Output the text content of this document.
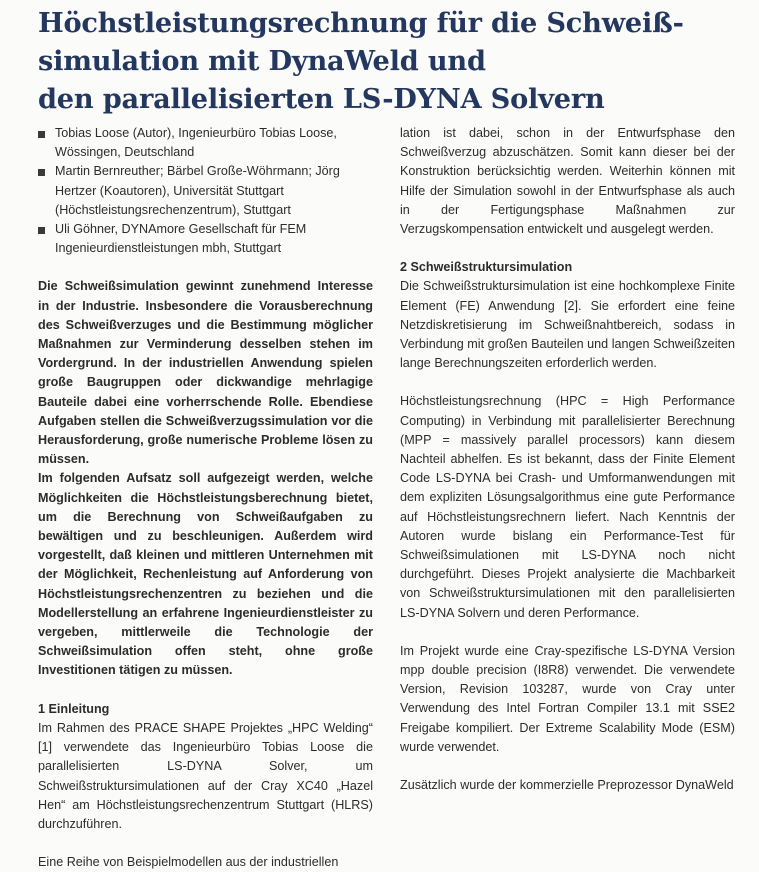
Höchstleistungsrechnung für die Schweiß-
simulation mit DynaWeld und
den parallelisierten LS-DYNA Solvern
Tobias Loose (Autor), Ingenieurbüro Tobias Loose, Wössingen, Deutschland
Martin Bernreuther; Bärbel Große-Wöhrmann; Jörg Hertzer (Koautoren), Universität Stuttgart (Höchstleistungsrechenzentrum), Stuttgart
Uli Göhner, DYNAmore Gesellschaft für FEM Ingenieurdienstleistungen mbh, Stuttgart

Die Schweißsimulation gewinnt zunehmend Interesse in der Industrie. Insbesondere die Vorausberechnung des Schweißverzuges und die Bestimmung möglicher Maßnahmen zur Verminderung desselben stehen im Vordergrund. In der industriellen Anwendung spielen große Baugruppen oder dickwandige mehrlagige Bauteile dabei eine vorherrschende Rolle. Ebendiese Aufgaben stellen die Schweißverzugssimulation vor die Herausforderung, große numerische Probleme lösen zu müssen.

Im folgenden Aufsatz soll aufgezeigt werden, welche Möglichkeiten die Höchstleistungsberechnung bietet, um die Berechnung von Schweißaufgaben zu bewältigen und zu beschleunigen. Außerdem wird vorgestellt, daß kleinen und mittleren Unternehmen mit der Möglichkeit, Rechenleistung auf Anforderung von Höchstleistungsrechenzentren zu beziehen und die Modellerstellung an erfahrene Ingenieurdienstleister zu vergeben, mittlerweile die Technologie der Schweißsimulation offen steht, ohne große Investitionen tätigen zu müssen.

1 Einleitung

Im Rahmen des PRACE SHAPE Projektes „HPC Welding“ [1] verwendete das Ingenieurbüro Tobias Loose die parallelisierten LS-DYNA Solver, um Schweißstruktursimulationen auf der Cray XC40 „Hazel Hen“ am Höchstleistungsrechenzentrum Stuttgart (HLRS) durchzuführen.

Eine Reihe von Beispielmodellen aus der industriellen

lation ist dabei, schon in der Entwurfsphase den Schweißverzug abzuschätzen. Somit kann dieser bei der Konstruktion berücksichtig werden. Weiterhin können mit Hilfe der Simulation sowohl in der Entwurfsphase als auch in der Fertigungsphase Maßnahmen zur Verzugskompensation entwickelt und ausgelegt werden.

2 Schweißstruktursimulation

Die Schweißstruktursimulation ist eine hochkomplexe Finite Element (FE) Anwendung [2]. Sie erfordert eine feine Netzdiskretisierung im Schweißnahtbereich, sodass in Verbindung mit großen Bauteilen und langen Schweißzeiten lange Berechnungszeiten erforderlich werden.

Höchstleistungsrechnung (HPC = High Performance Computing) in Verbindung mit parallelisierter Berechnung (MPP = massively parallel processors) kann diesem Nachteil abhelfen. Es ist bekannt, dass der Finite Element Code LS-DYNA bei Crash- und Umformanwendungen mit dem expliziten Lösungsalgorithmus eine gute Performance auf Höchstleistungsrechnern liefert. Nach Kenntnis der Autoren wurde bislang ein Performance-Test für Schweißsimulationen mit LS-DYNA noch nicht durchgeführt. Dieses Projekt analysierte die Machbarkeit von Schweißstruktursimulationen mit den parallelisierten LS-DYNA Solvern und deren Performance.

Im Projekt wurde eine Cray-spezifische LS-DYNA Version mpp double precision (I8R8) verwendet. Die verwendete Version, Revision 103287, wurde von Cray unter Verwendung des Intel Fortran Compiler 13.1 mit SSE2 Freigabe kompiliert. Der Extreme Scalability Mode (ESM) wurde verwendet.

Zusätzlich wurde der kommerzielle Preprozessor DynaWeld
